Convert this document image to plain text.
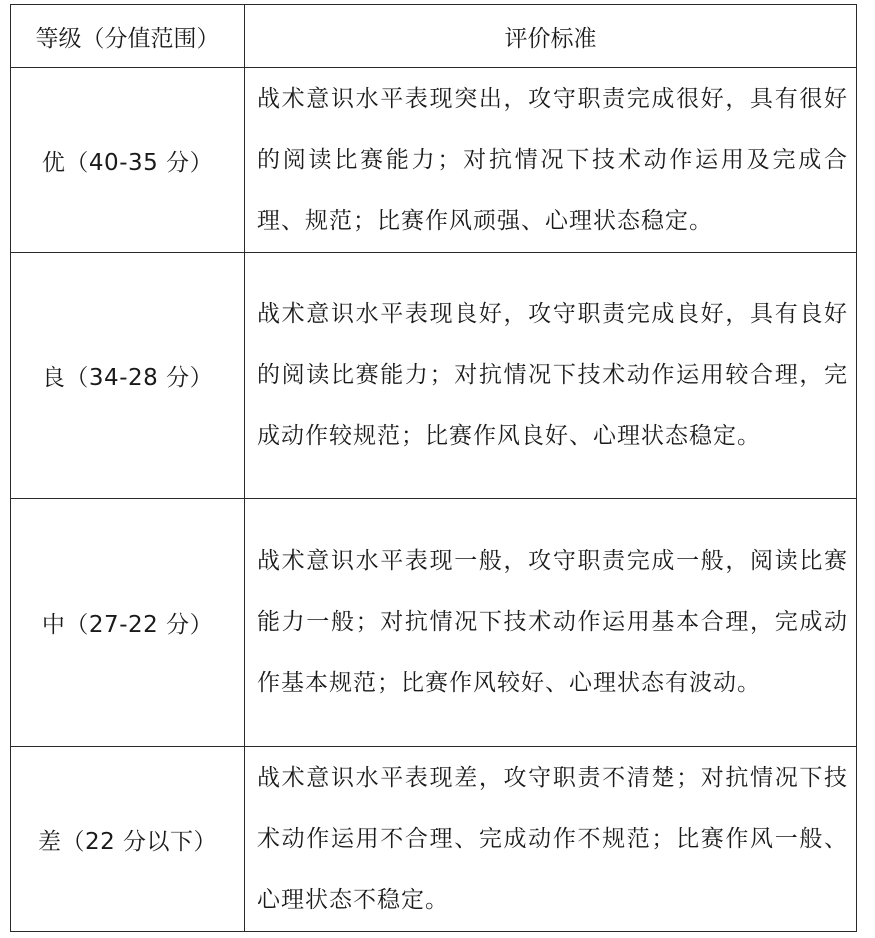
等级（分值范围）	评价标准
优（40-35 分）	战术意识水平表现突出，攻守职责完成很好，具有很好的阅读比赛能力；对抗情况下技术动作运用及完成合理、规范；比赛作风顽强、心理状态稳定。
良（34-28 分）	战术意识水平表现良好，攻守职责完成良好，具有良好的阅读比赛能力；对抗情况下技术动作运用较合理，完成动作较规范；比赛作风良好、心理状态稳定。
中（27-22 分）	战术意识水平表现一般，攻守职责完成一般，阅读比赛能力一般；对抗情况下技术动作运用基本合理，完成动作基本规范；比赛作风较好、心理状态有波动。
差（22 分以下）	战术意识水平表现差，攻守职责不清楚；对抗情况下技术动作运用不合理、完成动作不规范；比赛作风一般、心理状态不稳定。
